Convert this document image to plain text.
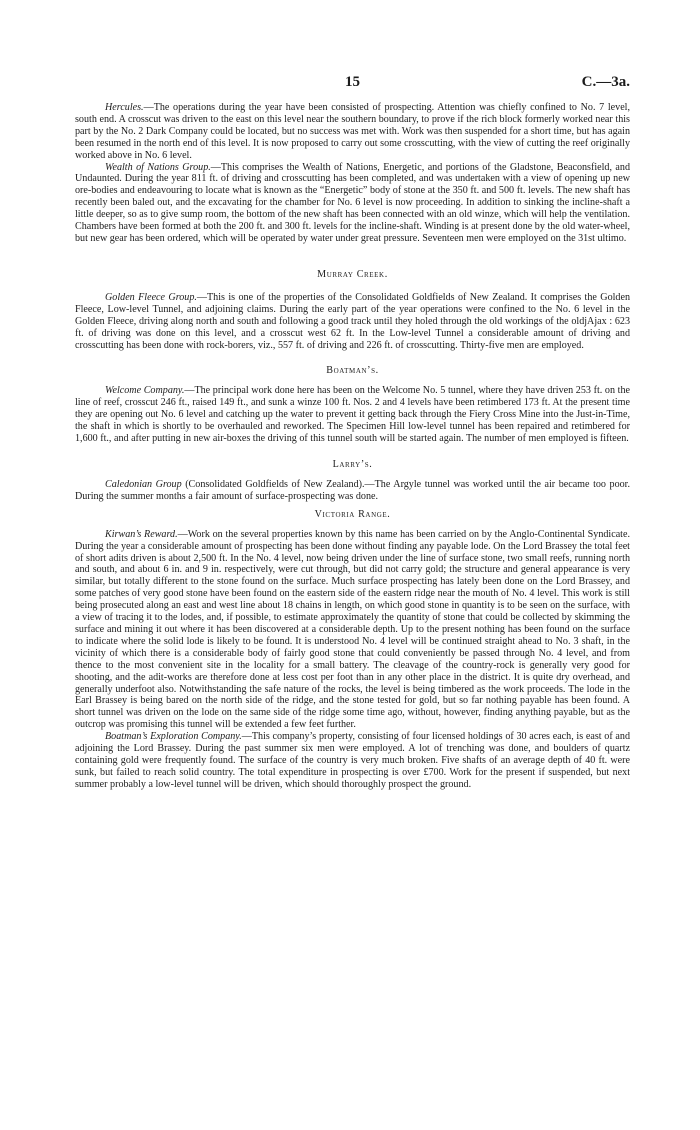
15	C.—3a.

Hercules.—The operations during the year have been consisted of prospecting. Attention was chiefly confined to No. 7 level, south end. A crosscut was driven to the east on this level near the southern boundary, to prove if the rich block formerly worked near this part by the No. 2 Dark Company could be located, but no success was met with. Work was then suspended for a short time, but has again been resumed in the north end of this level. It is now proposed to carry out some crosscutting, with the view of cutting the reef originally worked above in No. 6 level.

Wealth of Nations Group.—This comprises the Wealth of Nations, Energetic, and portions of the Gladstone, Beaconsfield, and Undaunted. During the year 811 ft. of driving and crosscutting has been completed, and was undertaken with a view of opening up new ore-bodies and endeavouring to locate what is known as the “Energetic” body of stone at the 350 ft. and 500 ft. levels. The new shaft has recently been baled out, and the excavating for the chamber for No. 6 level is now proceeding. In addition to sinking the incline-shaft a little deeper, so as to give sump room, the bottom of the new shaft has been connected with an old winze, which will help the ventilation. Chambers have been formed at both the 200 ft. and 300 ft. levels for the incline-shaft. Winding is at present done by the old water-wheel, but new gear has been ordered, which will be operated by water under great pressure. Seventeen men were employed on the 31st ultimo.

Murray Creek.

Golden Fleece Group.—This is one of the properties of the Consolidated Goldfields of New Zealand. It comprises the Golden Fleece, Low-level Tunnel, and adjoining claims. During the early part of the year operations were confined to the No. 6 level in the Golden Fleece, driving along north and south and following a good track until they holed through the old workings of the oldjAjax : 623 ft. of driving was done on this level, and a crosscut west 62 ft. In the Low-level Tunnel a considerable amount of driving and crosscutting has been done with rock-borers, viz., 557 ft. of driving and 226 ft. of crosscutting. Thirty-five men are employed.

Boatman’s.

Welcome Company.—The principal work done here has been on the Welcome No. 5 tunnel, where they have driven 253 ft. on the line of reef, crosscut 246 ft., raised 149 ft., and sunk a winze 100 ft. Nos. 2 and 4 levels have been retimbered 173 ft. At the present time they are opening out No. 6 level and catching up the water to prevent it getting back through the Fiery Cross Mine into the Just-in-Time, the shaft in which is shortly to be overhauled and reworked. The Specimen Hill low-level tunnel has been repaired and retimbered for 1,600 ft., and after putting in new air-boxes the driving of this tunnel south will be started again. The number of men employed is fifteen.

Larry’s.

Caledonian Group (Consolidated Goldfields of New Zealand).—The Argyle tunnel was worked until the air became too poor. During the summer months a fair amount of surface-prospecting was done.

Victoria Range.

Kirwan’s Reward.—Work on the several properties known by this name has been carried on by the Anglo-Continental Syndicate. During the year a considerable amount of prospecting has been done without finding any payable lode. On the Lord Brassey the total feet of short adits driven is about 2,500 ft. In the No. 4 level, now being driven under the line of surface stone, two small reefs, running north and south, and about 6 in. and 9 in. respectively, were cut through, but did not carry gold; the structure and general appearance is very similar, but totally different to the stone found on the surface. Much surface prospecting has lately been done on the Lord Brassey, and some patches of very good stone have been found on the eastern side of the eastern ridge near the mouth of No. 4 level. This work is still being prosecuted along an east and west line about 18 chains in length, on which good stone in quantity is to be seen on the surface, with a view of tracing it to the lodes, and, if possible, to estimate approximately the quantity of stone that could be collected by skimming the surface and mining it out where it has been discovered at a considerable depth. Up to the present nothing has been found on the surface to indicate where the solid lode is likely to be found. It is understood No. 4 level will be continued straight ahead to No. 3 shaft, in the vicinity of which there is a considerable body of fairly good stone that could conveniently be passed through No. 4 level, and from thence to the most convenient site in the locality for a small battery. The cleavage of the country-rock is generally very good for shooting, and the adit-works are therefore done at less cost per foot than in any other place in the district. It is quite dry overhead, and generally underfoot also. Notwithstanding the safe nature of the rocks, the level is being timbered as the work proceeds. The lode in the Earl Brassey is being bared on the north side of the ridge, and the stone tested for gold, but so far nothing payable has been found. A short tunnel was driven on the lode on the same side of the ridge some time ago, without, however, finding anything payable, but as the outcrop was promising this tunnel will be extended a few feet further.

Boatman’s Exploration Company.—This company’s property, consisting of four licensed holdings of 30 acres each, is east of and adjoining the Lord Brassey. During the past summer six men were employed. A lot of trenching was done, and boulders of quartz containing gold were frequently found. The surface of the country is very much broken. Five shafts of an average depth of 40 ft. were sunk, but failed to reach solid country. The total expenditure in prospecting is over £700. Work for the present if suspended, but next summer probably a low-level tunnel will be driven, which should thoroughly prospect the ground.
